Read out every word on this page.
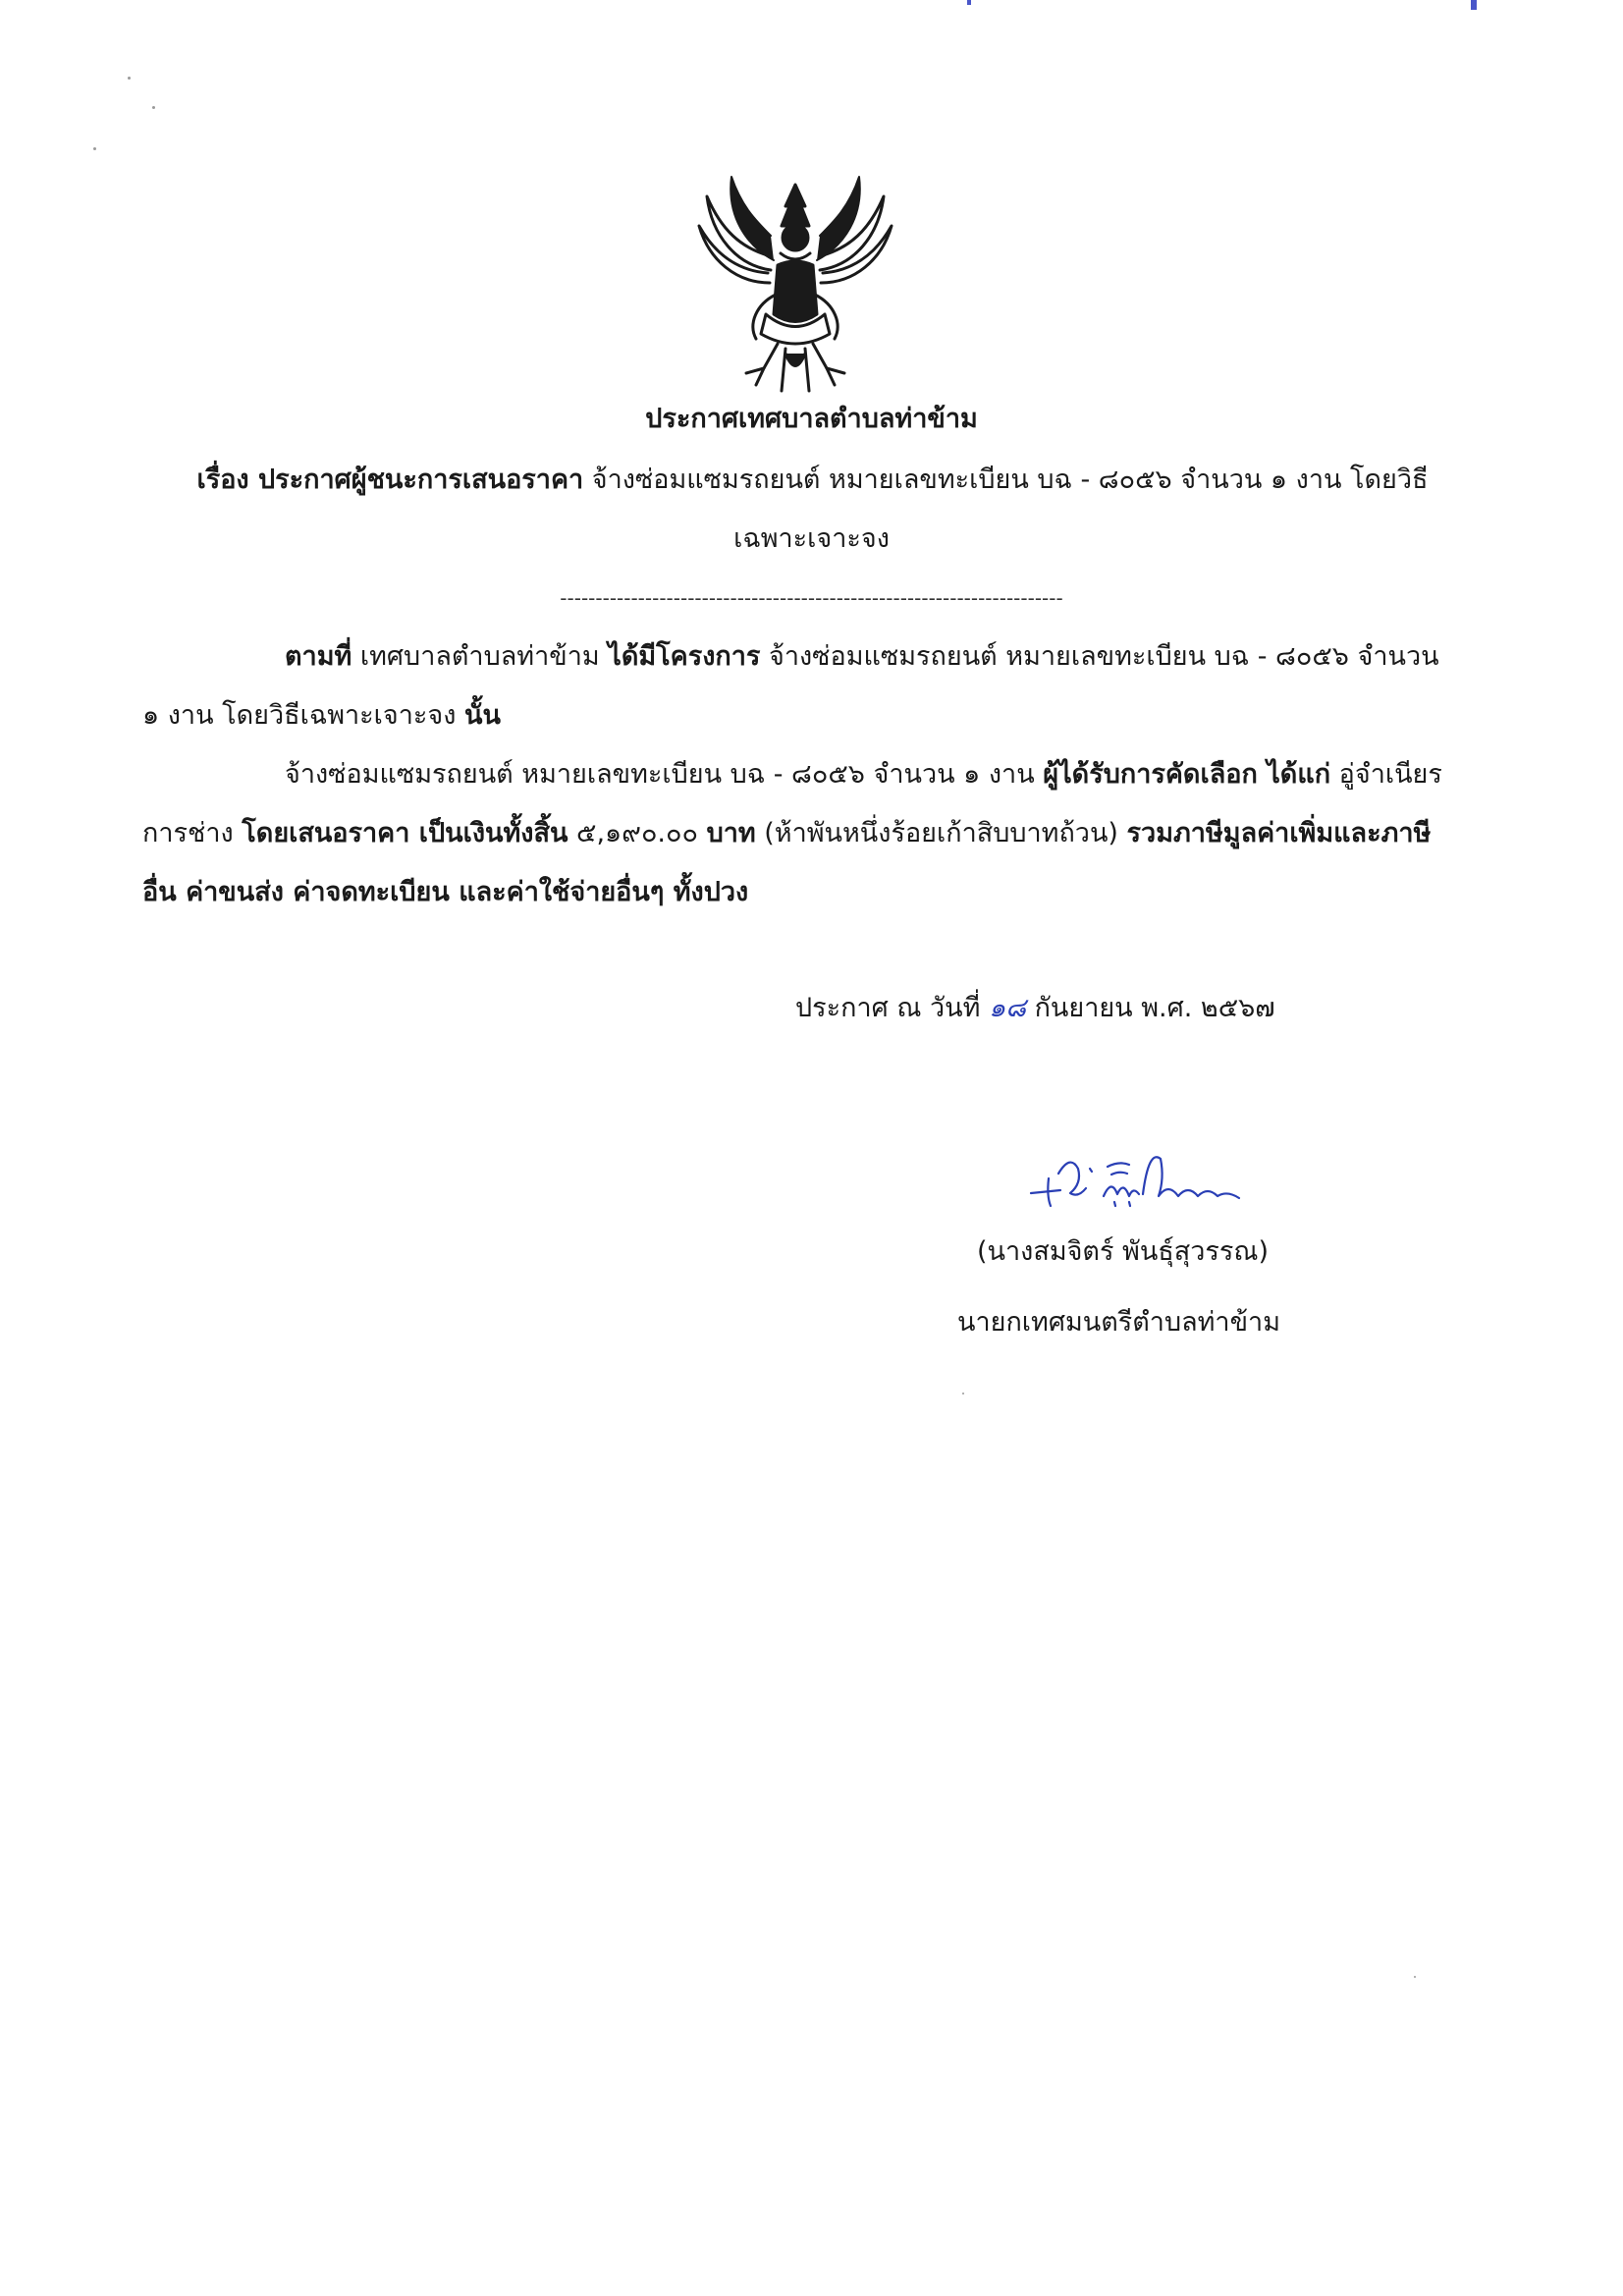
ประกาศเทศบาลตำบลท่าข้าม
เรื่อง ประกาศผู้ชนะการเสนอราคา จ้างซ่อมแซมรถยนต์ หมายเลขทะเบียน บฉ - ๘๐๕๖ จำนวน ๑ งาน โดยวิธี
เฉพาะเจาะจง
-----------------------------------------------------------------------
ตามที่ เทศบาลตำบลท่าข้าม ได้มีโครงการ จ้างซ่อมแซมรถยนต์ หมายเลขทะเบียน บฉ - ๘๐๕๖ จำนวน
๑ งาน โดยวิธีเฉพาะเจาะจง นั้น
จ้างซ่อมแซมรถยนต์ หมายเลขทะเบียน บฉ - ๘๐๕๖ จำนวน ๑ งาน ผู้ได้รับการคัดเลือก ได้แก่ อู่จำเนียร
การช่าง โดยเสนอราคา เป็นเงินทั้งสิ้น ๕,๑๙๐.๐๐ บาท (ห้าพันหนึ่งร้อยเก้าสิบบาทถ้วน) รวมภาษีมูลค่าเพิ่มและภาษี
อื่น ค่าขนส่ง ค่าจดทะเบียน และค่าใช้จ่ายอื่นๆ ทั้งปวง
ประกาศ ณ วันที่ ๑๘ กันยายน พ.ศ. ๒๕๖๗
(นางสมจิตร์ พันธุ์สุวรรณ)
นายกเทศมนตรีตำบลท่าข้าม
